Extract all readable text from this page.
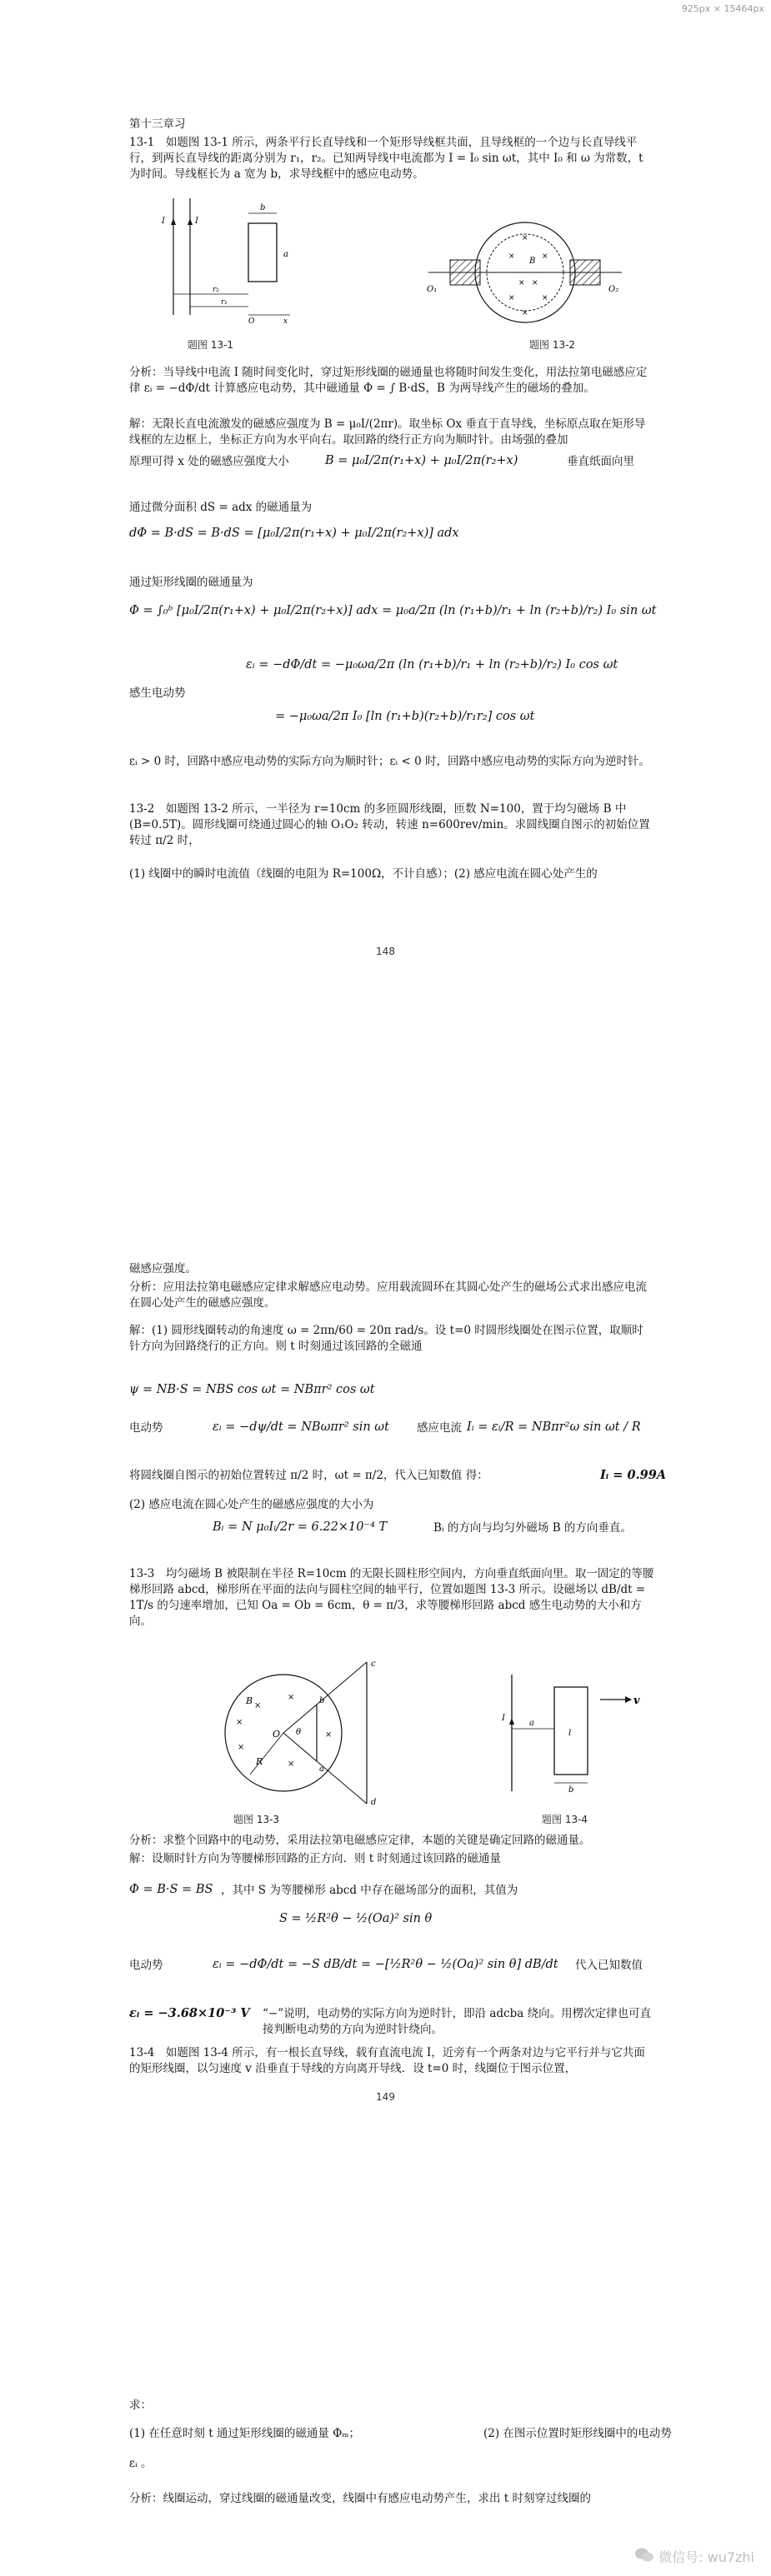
925px × 15464px
第十三章习
13-1　如题图 13-1 所示，两条平行长直导线和一个矩形导线框共面，且导线框的一个边与长直导线平行，到两长直导线的距离分别为 r₁，r₂。已知两导线中电流都为 I = I₀ sin ωt，其中 I₀ 和 ω 为常数，t 为时间。导线框长为 a 宽为 b，求导线框中的感应电动势。
I	I
b
a
r₂
r₁
O	x
题图 13-1
O₁	O₂
B
× ×
×	×
×	×
×
×
题图 13-2
分析：当导线中电流 I 随时间变化时，穿过矩形线圈的磁通量也将随时间发生变化，用法拉第电磁感应定律 εᵢ = −dΦ/dt 计算感应电动势，其中磁通量 Φ = ∫ B·dS，B 为两导线产生的磁场的叠加。
解：无限长直电流激发的磁感应强度为 B = μ₀I/(2πr)。取坐标 Ox 垂直于直导线，坐标原点取在矩形导线框的左边框上，坐标正方向为水平向右。取回路的绕行正方向为顺时针。由场强的叠加
原理可得 x 处的磁感应强度大小	B = μ₀I/2π(r₁+x) + μ₀I/2π(r₂+x)	垂直纸面向里
通过微分面积 dS = adx 的磁通量为
dΦ = B·dS = B·dS = [μ₀I/2π(r₁+x) + μ₀I/2π(r₂+x)] adx
通过矩形线圈的磁通量为
Φ = ∫₀ᵇ [μ₀I/2π(r₁+x) + μ₀I/2π(r₂+x)] adx = μ₀a/2π (ln (r₁+b)/r₁ + ln (r₂+b)/r₂) I₀ sin ωt
εᵢ = −dΦ/dt = −μ₀ωa/2π (ln (r₁+b)/r₁ + ln (r₂+b)/r₂) I₀ cos ωt
感生电动势
= −μ₀ωa/2π I₀ [ln (r₁+b)(r₂+b)/r₁r₂] cos ωt
εᵢ > 0 时，回路中感应电动势的实际方向为顺时针；εᵢ < 0 时，回路中感应电动势的实际方向为逆时针。
13-2　如题图 13-2 所示，一半径为 r=10cm 的多匝圆形线圈，匝数 N=100，置于均匀磁场 B 中(B=0.5T)。圆形线圈可绕通过圆心的轴 O₁O₂ 转动，转速 n=600rev/min。求圆线圈自图示的初始位置转过 π/2 时，
(1) 线圈中的瞬时电流值（线圈的电阻为 R=100Ω，不计自感）；(2) 感应电流在圆心处产生的
148
磁感应强度。
分析：应用法拉第电磁感应定律求解感应电动势。应用载流圆环在其圆心处产生的磁场公式求出感应电流在圆心处产生的磁感应强度。
解：(1) 圆形线圈转动的角速度 ω = 2πn/60 = 20π rad/s。设 t=0 时圆形线圈处在图示位置，取顺时针方向为回路绕行的正方向。则 t 时刻通过该回路的全磁通
ψ = NB·S = NBS cos ωt = NBπr² cos ωt
电动势	εᵢ = −dψ/dt = NBωπr² sin ωt 感应电流 Iᵢ = εᵢ/R = NBπr²ω sin ωt / R
将圆线圈自图示的初始位置转过 π/2 时，ωt = π/2，代入已知数值 得：	Iᵢ = 0.99A
(2) 感应电流在圆心处产生的磁感应强度的大小为
Bᵢ = N μ₀Iᵢ/2r = 6.22×10⁻⁴ T	Bᵢ 的方向与均匀外磁场 B 的方向垂直。
13-3　均匀磁场 B 被限制在半径 R=10cm 的无限长圆柱形空间内，方向垂直纸面向里。取一固定的等腰梯形回路 abcd，梯形所在平面的法向与圆柱空间的轴平行，位置如题图 13-3 所示。设磁场以 dB/dt = 1T/s 的匀速率增加，已知 Oa = Ob = 6cm，θ = π/3，求等腰梯形回路 abcd 感生电动势的大小和方向。
R
O θ
B	b
a
c
d
×
×
×
×
×
×
题图 13-3
I
a
b
l
v
题图 13-4
分析：求整个回路中的电动势，采用法拉第电磁感应定律，本题的关键是确定回路的磁通量。
解：设顺时针方向为等腰梯形回路的正方向．则 t 时刻通过该回路的磁通量
Φ = B·S = BS ，其中 S 为等腰梯形 abcd 中存在磁场部分的面积，其值为
S = ½R²θ − ½(Oa)² sin θ
电动势	εᵢ = −dΦ/dt = −S dB/dt = −[½R²θ − ½(Oa)² sin θ] dB/dt 代入已知数值
εᵢ = −3.68×10⁻³ V “−”说明，电动势的实际方向为逆时针，即沿 adcba 绕向。用楞次定律也可直接判断电动势的方向为逆时针绕向。
13-4　如题图 13-4 所示，有一根长直导线，载有直流电流 I，近旁有一个两条对边与它平行并与它共面的矩形线圈，以匀速度 v 沿垂直于导线的方向离开导线．设 t=0 时，线圈位于图示位置，
149
求：
(1) 在任意时刻 t 通过矩形线圈的磁通量 Φₘ；	(2) 在图示位置时矩形线圈中的电动势
εᵢ 。
分析：线圈运动，穿过线圈的磁通量改变，线圈中有感应电动势产生，求出 t 时刻穿过线圈的
微信号: wu7zhi
